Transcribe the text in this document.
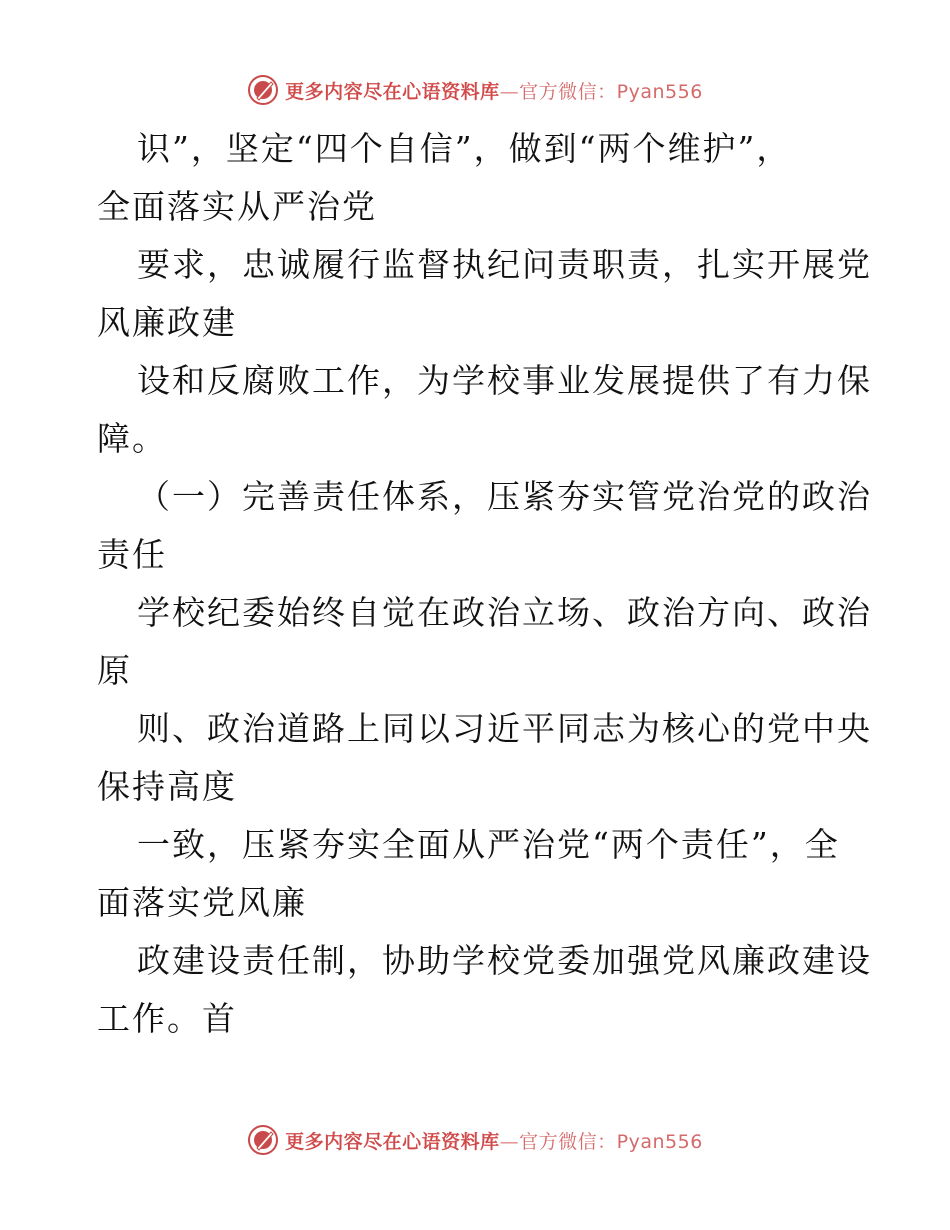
更多内容尽在心语资料库—官方微信：Pyan556
识”，坚定“四个自信”，做到“两个维护”，
全面落实从严治党
要求，忠诚履行监督执纪问责职责，扎实开展党
风廉政建
设和反腐败工作，为学校事业发展提供了有力保
障。
（一）完善责任体系，压紧夯实管党治党的政治
责任
学校纪委始终自觉在政治立场、政治方向、政治
原
则、政治道路上同以习近平同志为核心的党中央
保持高度
一致，压紧夯实全面从严治党“两个责任”，全
面落实党风廉
政建设责任制，协助学校党委加强党风廉政建设
工作。首
更多内容尽在心语资料库—官方微信：Pyan556
